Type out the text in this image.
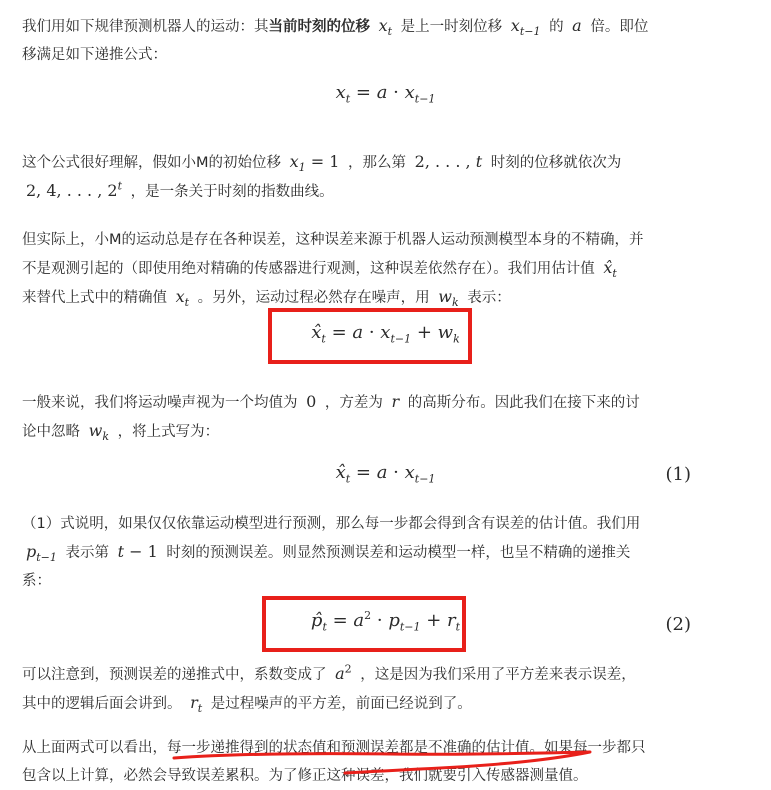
我们用如下规律预测机器人的运动：其当前时刻的位移 $x_t$ 是上一时刻位移 $x_{t-1}$ 的 a 倍。即位
移满足如下递推公式：

$x_t = a \cdot x_{t-1}$

这个公式很好理解，假如小M的初始位移 $x_1 = 1$ ，那么第 2, . . . , t 时刻的位移就依次为
2, 4, . . . , 2$^t$ ，是一条关于时刻的指数曲线。

但实际上，小M的运动总是存在各种误差，这种误差来源于机器人运动预测模型本身的不精确，并
不是观测引起的（即使用绝对精确的传感器进行观测，这种误差依然存在）。我们用估计值 $x̂_t$
来替代上式中的精确值 $x_t$ 。另外，运动过程必然存在噪声，用 $w_k$ 表示：

$x̂_t = a \cdot x_{t-1} + w_k$

一般来说，我们将运动噪声视为一个均值为 0 ，方差为 r 的高斯分布。因此我们在接下来的讨
论中忽略 $w_k$ ，将上式写为：

$x̂_t = a \cdot x_{t-1}$	(1)

（1）式说明，如果仅仅依靠运动模型进行预测，那么每一步都会得到含有误差的估计值。我们用
$p_{t-1}$ 表示第 t − 1 时刻的预测误差。则显然预测误差和运动模型一样，也呈不精确的递推关
系：

$p̂_t = a^2 \cdot p_{t-1} + r_t$	(2)

可以注意到，预测误差的递推式中，系数变成了 $a^2$ ，这是因为我们采用了平方差来表示误差，
其中的逻辑后面会讲到。 $r_t$ 是过程噪声的平方差，前面已经说到了。

从上面两式可以看出，每一步递推得到的状态值和预测误差都是不准确的估计值。如果每一步都只
包含以上计算，必然会导致误差累积。为了修正这种误差，我们就要引入传感器测量值。
